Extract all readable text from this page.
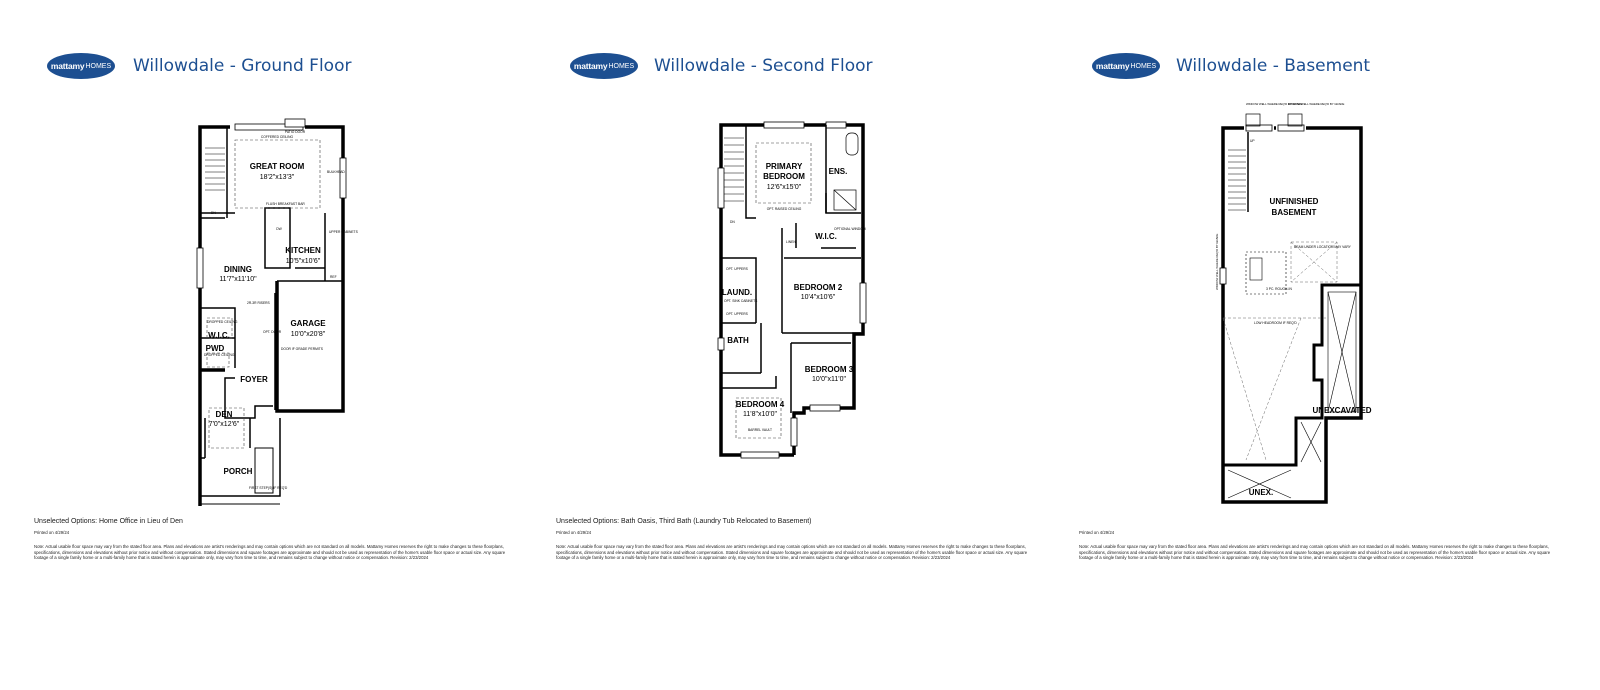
mattamy HOMES Willowdale - Ground Floor
GREAT ROOM
18'2"x13'3"
KITCHEN
10'5"x10'6"
DINING
11'7"x11'10"
GARAGE
10'0"x20'8"
W.I.C.
PWD
FOYER
DEN
7'0"x12'6"
PORCH
COFFERED CEILING
PATIO DOOR
DN
DW
FLUSH BREAKFAST BAR
UPPER CABINETS
REF
2R-3R RISERS
DOOR IF GRADE PERMITS
DROPPED CEILING
DROPPED CEILING
FIRST STEP(S) IF REQ'D
BULKHEAD
OPT. DOOR
Unselected Options: Home Office in Lieu of Den
Printed on 4/29/24
Note: Actual usable floor space may vary from the stated floor area. Plans and elevations are artist's renderings and may contain options which are not standard on all models. Mattamy Homes reserves the right to make changes to these floorplans, specifications, dimensions and elevations without prior notice and without compensation. Stated dimensions and square footages are approximate and should not be used as representation of the home's usable floor space or actual size. Any square footage of a single family home or a multi-family home that is stated herein is approximate only, may vary from time to time, and remains subject to change without notice or compensation. Revision: 2/23/2024
mattamy HOMES Willowdale - Second Floor
PRIMARY
BEDROOM
12'6"x15'0"
ENS.
W.I.C.
LAUND.
BEDROOM 2
10'4"x10'6"
BATH
BEDROOM 3
10'0"x11'0"
BEDROOM 4
11'8"x10'0"
OPT. RAISED CEILING
DN
LINEN
OPT. UPPERS
OPT. SINK CABINETS
OPT. UPPERS
BARREL VAULT
OPTIONAL WINDOW
Unselected Options: Bath Oasis, Third Bath (Laundry Tub Relocated to Basement)
Printed on 4/29/24
Note: Actual usable floor space may vary from the stated floor area. Plans and elevations are artist's renderings and may contain options which are not standard on all models. Mattamy Homes reserves the right to make changes to these floorplans, specifications, dimensions and elevations without prior notice and without compensation. Stated dimensions and square footages are approximate and should not be used as representation of the home's usable floor space or actual size. Any square footage of a single family home or a multi-family home that is stated herein is approximate only, may vary from time to time, and remains subject to change without notice or compensation. Revision: 2/23/2024
mattamy HOMES Willowdale - Basement
UNFINISHED
BASEMENT
UNEXCAVATED
UNEX.
WINDOW WELL WHERE REQ'D BY GRADE
WINDOW WELL WHERE REQ'D BY GRADE
WINDOW WELL WHERE REQ'D BY GRADE
UP
BEAM UNDER LOCATION MAY VARY
3 PC. ROUGH-IN
LOW HEADROOM IF REQ'D
Printed on 4/29/24
Note: Actual usable floor space may vary from the stated floor area. Plans and elevations are artist's renderings and may contain options which are not standard on all models. Mattamy Homes reserves the right to make changes to these floorplans, specifications, dimensions and elevations without prior notice and without compensation. Stated dimensions and square footages are approximate and should not be used as representation of the home's usable floor space or actual size. Any square footage of a single family home or a multi-family home that is stated herein is approximate only, may vary from time to time, and remains subject to change without notice or compensation. Revision: 2/23/2024
